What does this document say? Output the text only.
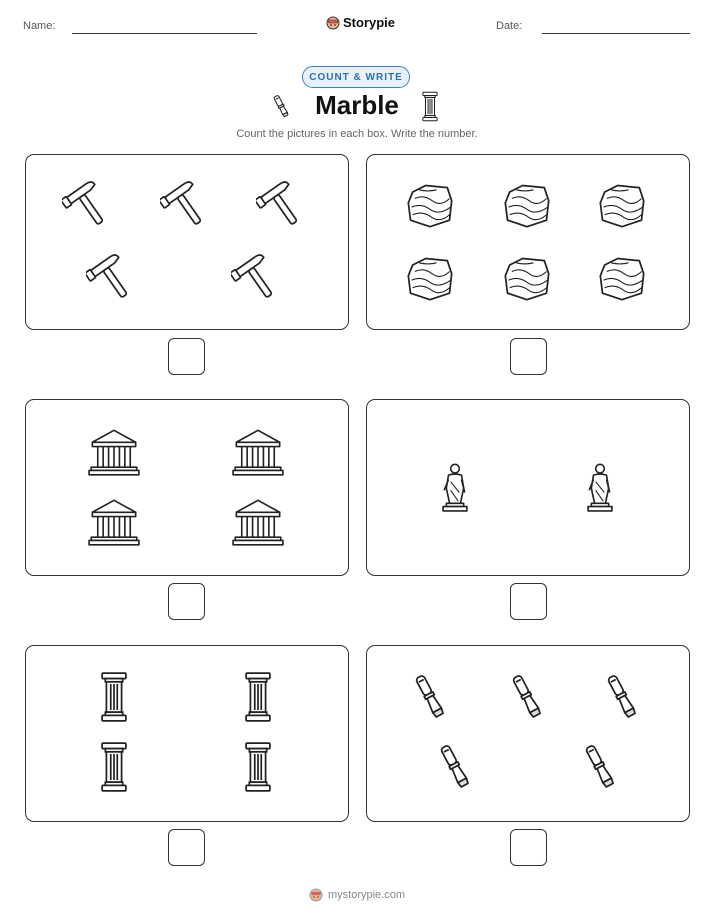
Name:	Storypie	Date:
COUNT & WRITE
Marble
Count the pictures in each box. Write the number.
mystorypie.com
